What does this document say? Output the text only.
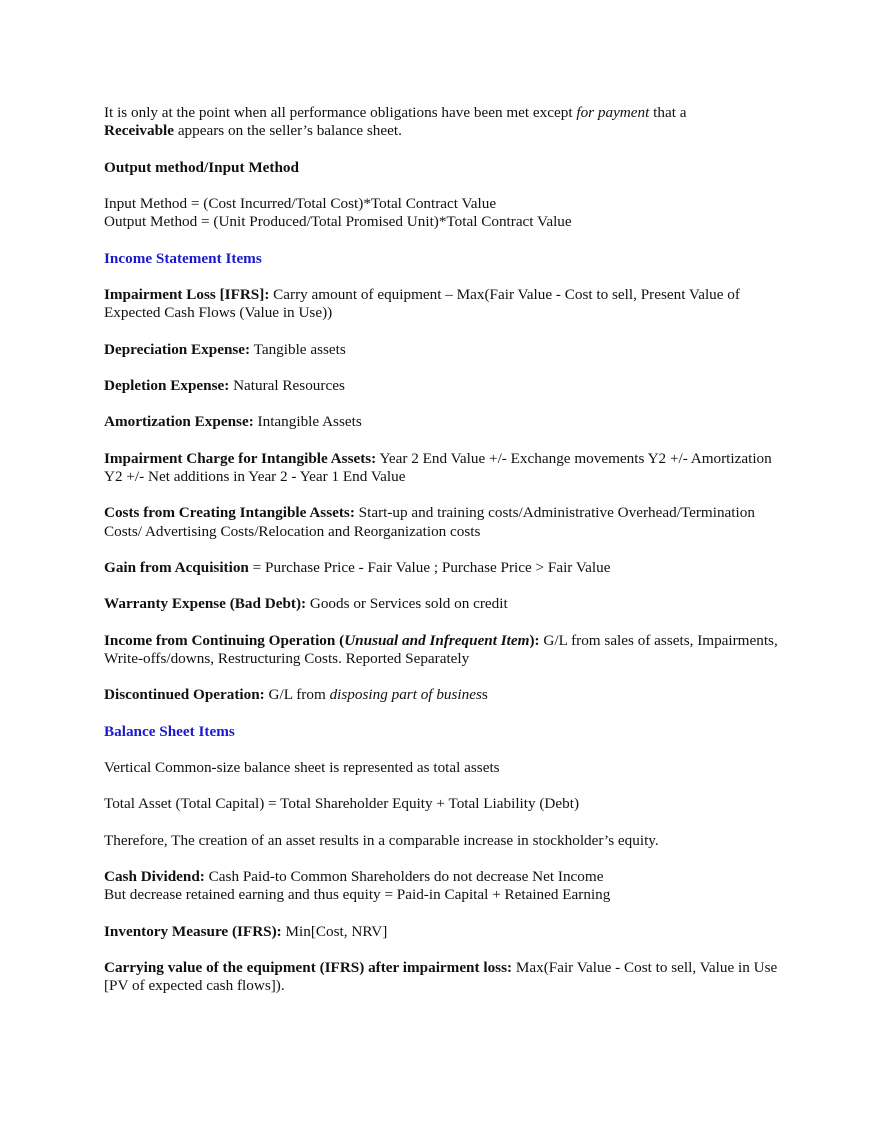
It is only at the point when all performance obligations have been met except for payment that a
Receivable appears on the seller’s balance sheet.

Output method/Input Method

Input Method = (Cost Incurred/Total Cost)*Total Contract Value
Output Method = (Unit Produced/Total Promised Unit)*Total Contract Value

Income Statement Items

Impairment Loss [IFRS]: Carry amount of equipment – Max(Fair Value - Cost to sell, Present Value of Expected Cash Flows (Value in Use))

Depreciation Expense: Tangible assets

Depletion Expense: Natural Resources

Amortization Expense: Intangible Assets

Impairment Charge for Intangible Assets: Year 2 End Value +/- Exchange movements Y2 +/- Amortization Y2 +/- Net additions in Year 2 - Year 1 End Value

Costs from Creating Intangible Assets: Start-up and training costs/Administrative Overhead/Termination Costs/ Advertising Costs/Relocation and Reorganization costs

Gain from Acquisition = Purchase Price - Fair Value ; Purchase Price > Fair Value

Warranty Expense (Bad Debt): Goods or Services sold on credit

Income from Continuing Operation (Unusual and Infrequent Item): G/L from sales of assets, Impairments, Write-offs/downs, Restructuring Costs. Reported Separately

Discontinued Operation: G/L from disposing part of business

Balance Sheet Items

Vertical Common-size balance sheet is represented as total assets

Total Asset (Total Capital) = Total Shareholder Equity + Total Liability (Debt)

Therefore, The creation of an asset results in a comparable increase in stockholder’s equity.

Cash Dividend: Cash Paid-to Common Shareholders do not decrease Net Income
But decrease retained earning and thus equity = Paid-in Capital + Retained Earning

Inventory Measure (IFRS): Min[Cost, NRV]

Carrying value of the equipment (IFRS) after impairment loss: Max(Fair Value - Cost to sell, Value in Use [PV of expected cash flows]).
